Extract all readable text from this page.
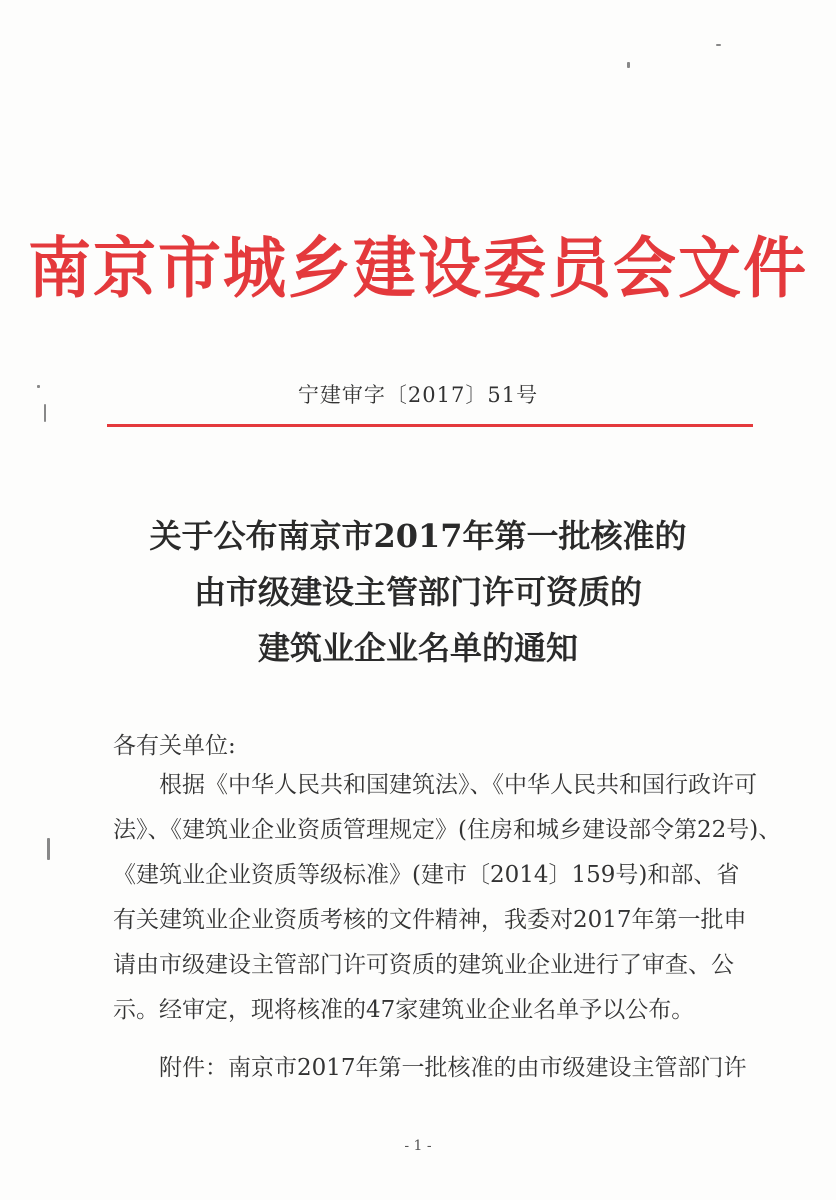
南京市城乡建设委员会文件
宁建审字〔2017〕51号
关于公布南京市2017年第一批核准的
由市级建设主管部门许可资质的
建筑业企业名单的通知
各有关单位:
根据《中华人民共和国建筑法》、《中华人民共和国行政许可
法》、《建筑业企业资质管理规定》(住房和城乡建设部令第22号)、
《建筑业企业资质等级标准》(建市〔2014〕159号)和部、省
有关建筑业企业资质考核的文件精神，我委对2017年第一批申
请由市级建设主管部门许可资质的建筑业企业进行了审查、公
示。经审定，现将核准的47家建筑业企业名单予以公布。
附件：南京市2017年第一批核准的由市级建设主管部门许
- 1 -
